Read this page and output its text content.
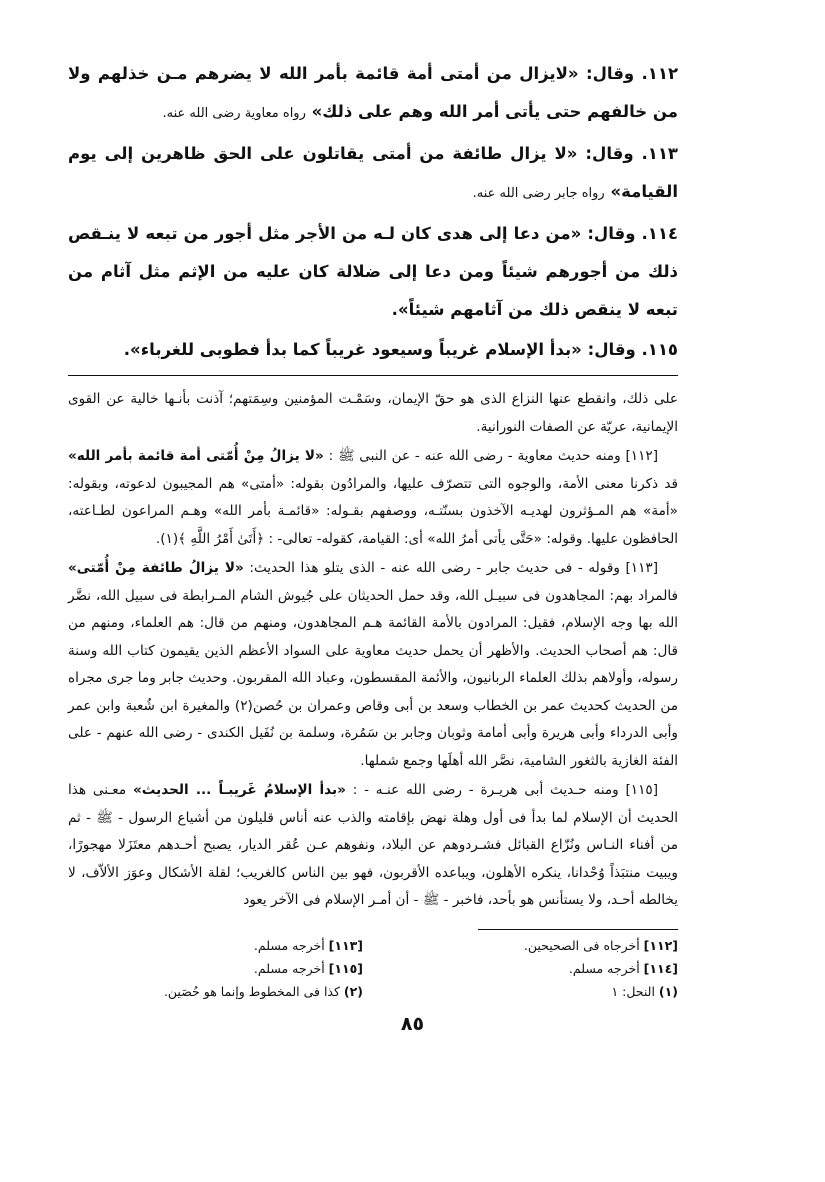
١١٢. وقال: «لايزال من أمتى أمة قائمة بأمر الله لا يضرهم مـن خذلهم ولا من خالفهم حتى يأتى أمر الله وهم على ذلك» رواه معاوية رضى الله عنه.

١١٣. وقال: «لا يزال طائفة من أمتى يقاتلون على الحق ظاهرين إلى يوم القيامة» رواه جابر رضى الله عنه.

١١٤. وقال: «من دعا إلى هدى كان لـه من الأجر مثل أجور من تبعه لا ينـقص ذلك من أجورهم شيئاً ومن دعا إلى ضلالة كان عليه من الإثم مثل آثام من تبعه لا ينقص ذلك من آثامهم شيئاً».

١١٥. وقال: «بدأ الإسلام غريباً وسيعود غريباً كما بدأ فطوبى للغرباء».

على ذلك، وانقطع عنها النزاع الذى هو حقّ الإيمان، وسَمْـت المؤمنين وسِمَتهم؛ آذنت بأنـها خالية عن القوى الإيمانية، عريّة عن الصفات النورانية.

[١١٢] ومنه حديث معاوية - رضى الله عنه - عن النبى ﷺ : «لا يزالُ مِنْ أُمّتى أمة قائمة بأمر الله» قد ذكرنا معنى الأمة، والوجوه التى تتصرّف عليها، والمرادُون بقوله: «أمتى» هم المجيبون لدعوته، وبقوله: «أمة» هم المـؤثرون لهديـه الآخذون بسنّتـه، ووصفهم بقـوله: «قائمـة بأمر الله» وهـم المراعون لطـاعته، الحافظون عليها. وقوله: «حَتَّى يأتى أمرُ الله» أى: القيامة، كقوله- تعالى- : ﴿أَتَىٰ أَمْرُ اللَّهِ ﴾(١).

[١١٣] وقوله - فى حديث جابر - رضى الله عنه - الذى يتلو هذا الحديث: «لا يزالُ طائفة مِنْ أُمّتى» فالمراد بهم: المجاهدون فى سبيـل الله، وقد حمل الحديثان على جُيوش الشام المـرابطة فى سبيل الله، نضَّر الله بها وجه الإسلام، فقيل: المرادون بالأمة القائمة هـم المجاهدون، ومنهم من قال: هم العلماء، ومنهم من قال: هم أصحاب الحديث. والأظهر أن يحمل حديث معاوية على السواد الأعظم الذين يقيمون كتاب الله وسنة رسوله، وأولاهم بذلك العلماء الربانيون، والأئمة المقسطون، وعباد الله المقربون. وحديث جابر وما جرى مجراه من الحديث كحديث عمر بن الخطاب وسعد بن أبى وقاص وعمران بن حُصن(٢) والمغيرة ابن شُعبة وابن عمر وأبى الدرداء وأبى هريرة وأبى أمامة وثوبان وجابر بن سَمُرة، وسلمة بن نُفَيل الكندى - رضى الله عنهم - على الفئة الغازية بالثغور الشامية، نصَّر الله أهلَها وجمع شملها.

[١١٥] ومنه حـديث أبى هريـرة - رضى الله عنـه - : «بدأ الإسلامُ غَريبـاً ... الحديث» معـنى هذا الحديث أن الإسلام لما بدأ فى أول وهلة نهض بإقامته والذب عنه أناس قليلون من أشياع الرسول - ﷺ - ثم من أفناء النـاس ونُزّاع القبائل فشـردوهم عن البلاد، ونفوهم عـن عُقر الديار، يصبح أحـدهم معتَزَلا مهجورًا، ويبيت منتبَذاً وُحْدانا، ينكره الأهلون، ويباعده الأقربون، فهو بين الناس كالغريب؛ لقلة الأشكال وعوَز الألاّف، لا يخالطه أحـد، ولا يستأنس هو بأحد، فاخبر - ﷺ - أن أمـر الإسلام فى الآخر يعود

[١١٢] أخرجاه فى الصحيحين.
[١١٣] أخرجه مسلم.
[١١٤] أخرجه مسلم.
[١١٥] أخرجه مسلم.
(١) النحل: ١
(٢) كذا فى المخطوط وإنما هو حُصَين.
٨٥
